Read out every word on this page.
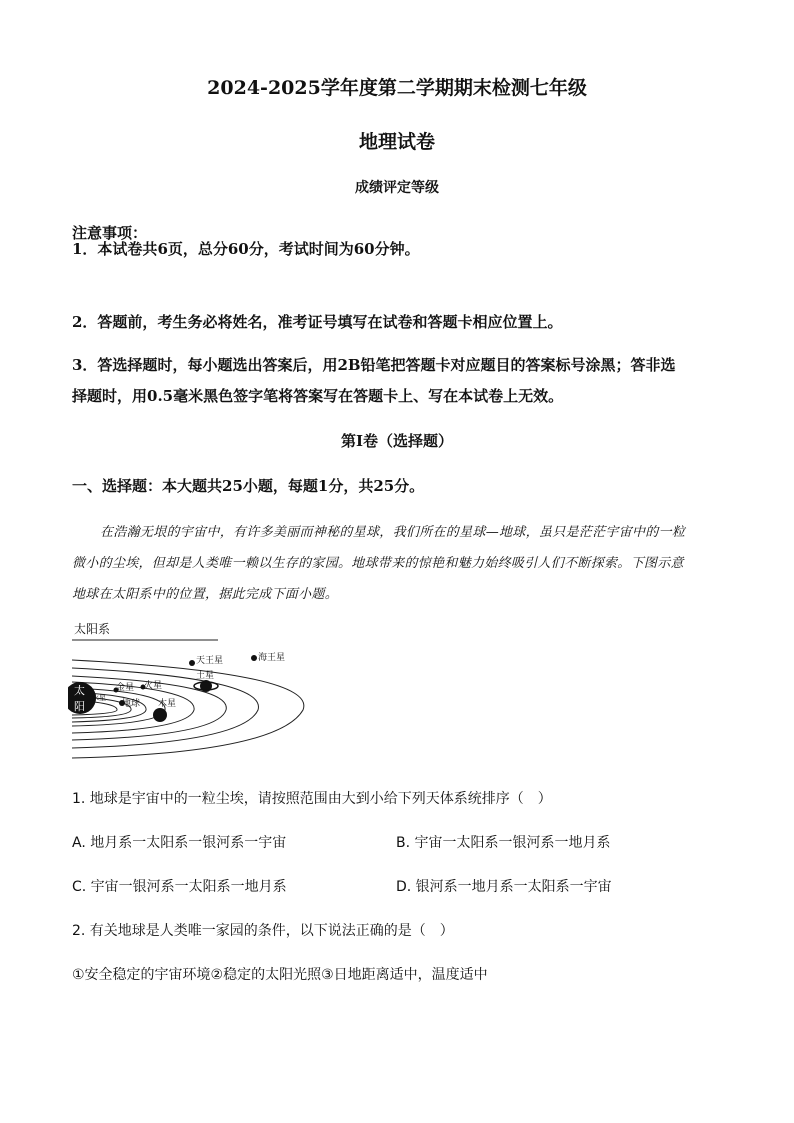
2024-2025学年度第二学期期末检测七年级
地理试卷
成绩评定等级
注意事项：
1．本试卷共6页，总分60分，考试时间为60分钟。
2．答题前，考生务必将姓名，准考证号填写在试卷和答题卡相应位置上。
3．答选择题时，每小题选出答案后，用2B铅笔把答题卡对应题目的答案标号涂黑；答非选
择题时，用0.5毫米黑色签字笔将答案写在答题卡上、写在本试卷上无效。
第Ⅰ卷（选择题）
一、选择题：本大题共25小题，每题1分，共25分。
在浩瀚无垠的宇宙中，有许多美丽而神秘的星球，我们所在的星球—地球，虽只是茫茫宇宙中的一粒
微小的尘埃，但却是人类唯一赖以生存的家园。地球带来的惊艳和魅力始终吸引人们不断探索。下图示意
地球在太阳系中的位置，据此完成下面小题。
太阳系
太
阳
水星
金星
地球
火星
木星
土星
天王星	海王星
1. 地球是宇宙中的一粒尘埃，请按照范围由大到小给下列天体系统排序（　）
A. 地月系一太阳系一银河系一宇宙	B. 宇宙一太阳系一银河系一地月系
C. 宇宙一银河系一太阳系一地月系	D. 银河系一地月系一太阳系一宇宙
2. 有关地球是人类唯一家园的条件，以下说法正确的是（　）
①安全稳定的宇宙环境②稳定的太阳光照③日地距离适中，温度适中
